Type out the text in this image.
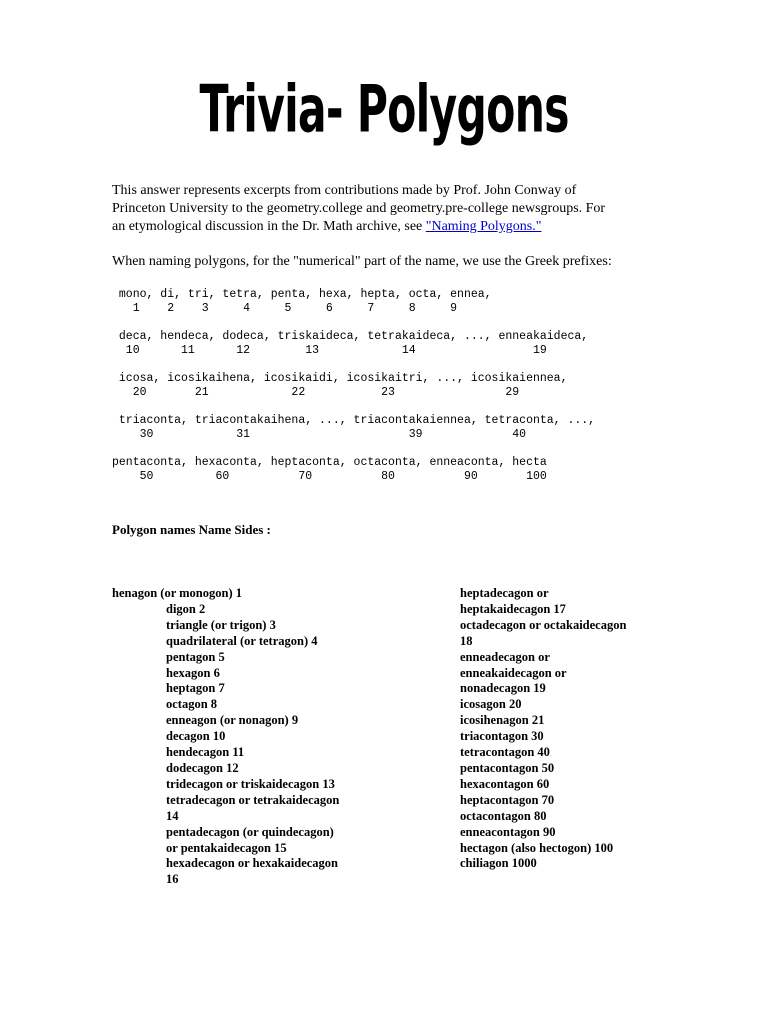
Trivia- Polygons
This answer represents excerpts from contributions made by Prof. John Conway of
Princeton University to the geometry.college and geometry.pre-college newsgroups. For
an etymological discussion in the Dr. Math archive, see "Naming Polygons."
When naming polygons, for the "numerical" part of the name, we use the Greek prefixes:
mono, di, tri, tetra, penta, hexa, hepta, octa, ennea,
1    2    3     4     5     6     7     8     9

deca, hendeca, dodeca, triskaideca, tetrakaideca, ..., enneakaideca,
10      11      12        13            14                 19

icosa, icosikaihena, icosikaidi, icosikaitri, ..., icosikaiennea,
20       21            22           23                29

triaconta, triacontakaihena, ..., triacontakaiennea, tetraconta, ...,
30            31                       39             40

pentaconta, hexaconta, heptaconta, octaconta, enneaconta, hecta
50         60          70          80          90       100
Polygon names Name Sides :
henagon (or monogon) 1
digon 2
triangle (or trigon) 3
quadrilateral (or tetragon) 4
pentagon 5
hexagon 6
heptagon 7
octagon 8
enneagon (or nonagon) 9
decagon 10
hendecagon 11
dodecagon 12
tridecagon or triskaidecagon 13
tetradecagon or tetrakaidecagon
14
pentadecagon (or quindecagon)
or pentakaidecagon 15
hexadecagon or hexakaidecagon
16
heptadecagon or
heptakaidecagon 17
octadecagon or octakaidecagon
18
enneadecagon or
enneakaidecagon or
nonadecagon 19
icosagon 20
icosihenagon 21
triacontagon 30
tetracontagon 40
pentacontagon 50
hexacontagon 60
heptacontagon 70
octacontagon 80
enneacontagon 90
hectagon (also hectogon) 100
chiliagon 1000
